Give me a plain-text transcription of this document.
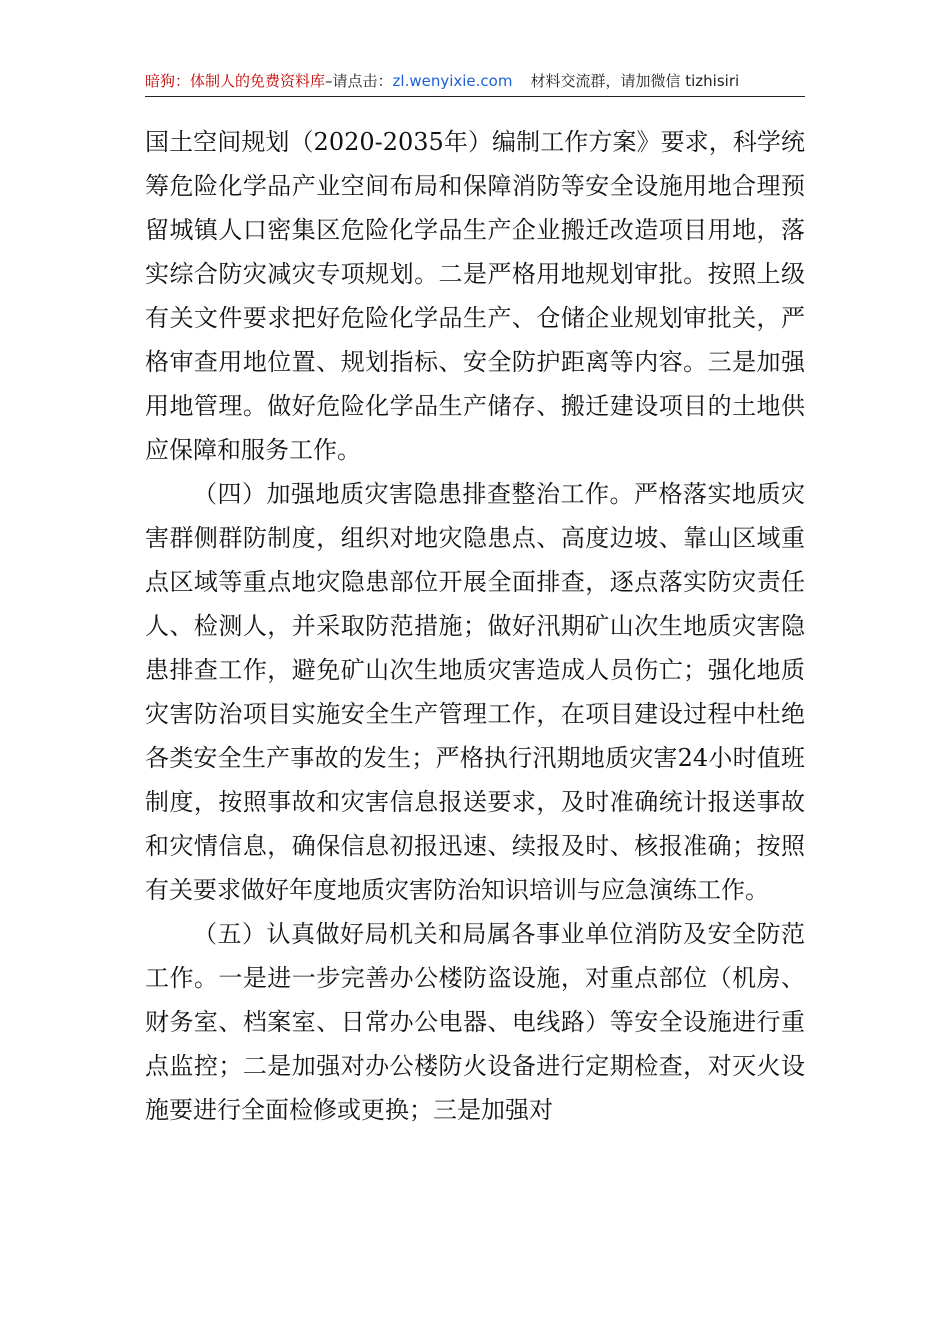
暗狗：体制人的免费资料库–请点击：zl.wenyixie.com 材料交流群，请加微信 tizhisiri

国土空间规划（2020-2035年）编制工作方案》要求，科学统筹危险化学品产业空间布局和保障消防等安全设施用地合理预留城镇人口密集区危险化学品生产企业搬迁改造项目用地，落实综合防灾减灾专项规划。二是严格用地规划审批。按照上级有关文件要求把好危险化学品生产、仓储企业规划审批关，严格审查用地位置、规划指标、安全防护距离等内容。三是加强用地管理。做好危险化学品生产储存、搬迁建设项目的土地供应保障和服务工作。

（四）加强地质灾害隐患排查整治工作。严格落实地质灾害群侧群防制度，组织对地灾隐患点、高度边坡、靠山区域重点区域等重点地灾隐患部位开展全面排查，逐点落实防灾责任人、检测人，并采取防范措施；做好汛期矿山次生地质灾害隐患排查工作，避免矿山次生地质灾害造成人员伤亡；强化地质灾害防治项目实施安全生产管理工作，在项目建设过程中杜绝各类安全生产事故的发生；严格执行汛期地质灾害24小时值班制度，按照事故和灾害信息报送要求，及时准确统计报送事故和灾情信息，确保信息初报迅速、续报及时、核报准确；按照有关要求做好年度地质灾害防治知识培训与应急演练工作。

（五）认真做好局机关和局属各事业单位消防及安全防范工作。一是进一步完善办公楼防盗设施，对重点部位（机房、财务室、档案室、日常办公电器、电线路）等安全设施进行重点监控；二是加强对办公楼防火设备进行定期检查，对灭火设施要进行全面检修或更换；三是加强对
